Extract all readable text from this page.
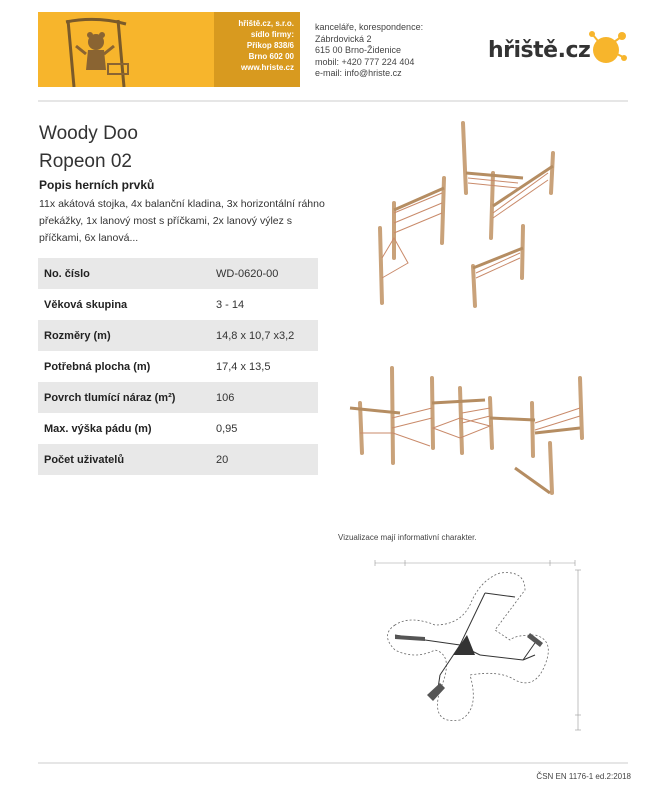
hřiště.cz, s.r.o.
sídlo firmy:
Příkop 838/6
Brno 602 00
www.hriste.cz
kanceláře, korespondence:
Zábrdovická 2
615 00 Brno-Židenice
mobil: +420 777 224 404
e-mail: info@hriste.cz
hřiště.cz
Woody Doo
Ropeon 02
Popis herních prvků
11x akátová stojka, 4x balanční kladina, 3x horizontální ráhno překážky, 1x lanový most s příčkami, 2x lanový výlez s příčkami, 6x lanová...
No. číslo	WD-0620-00
Věková skupina	3 - 14
Rozměry (m)	14,8 x 10,7 x3,2
Potřebná plocha (m)	17,4 x 13,5
Povrch tlumící náraz (m²)	106
Max. výška pádu (m)	0,95
Počet uživatelů	20
Vizualizace mají informativní charakter.
ČSN EN 1176-1 ed.2:2018
